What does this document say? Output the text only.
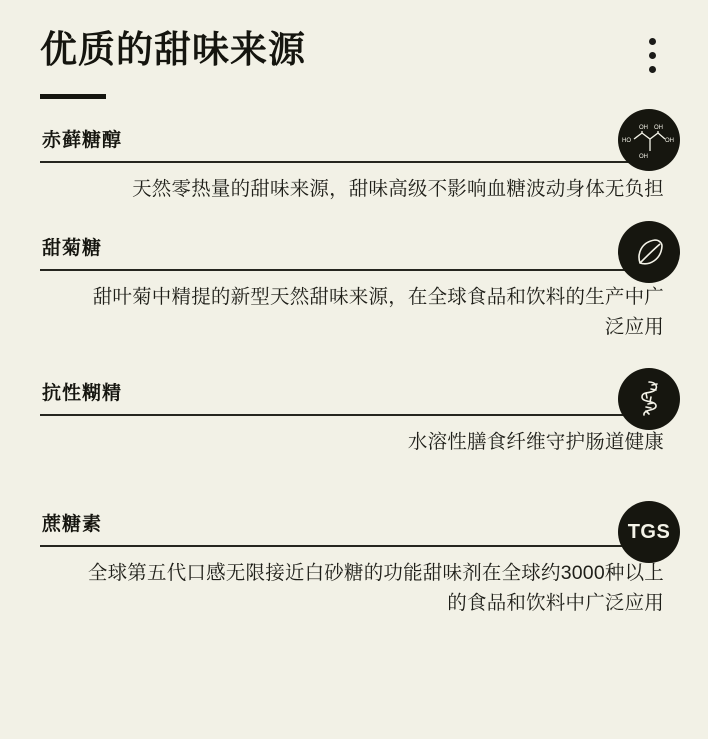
优质的甜味来源
赤藓糖醇
天然零热量的甜味来源，甜味高级不影响血糖波动身体无负担
OH OH
HO	OH
OH
甜菊糖
甜叶菊中精提的新型天然甜味来源，在全球食品和饮料的生产中广泛应用
抗性糊精
水溶性膳食纤维守护肠道健康
蔗糖素
全球第五代口感无限接近白砂糖的功能甜味剂在全球约3000种以上的食品和饮料中广泛应用
TGS
